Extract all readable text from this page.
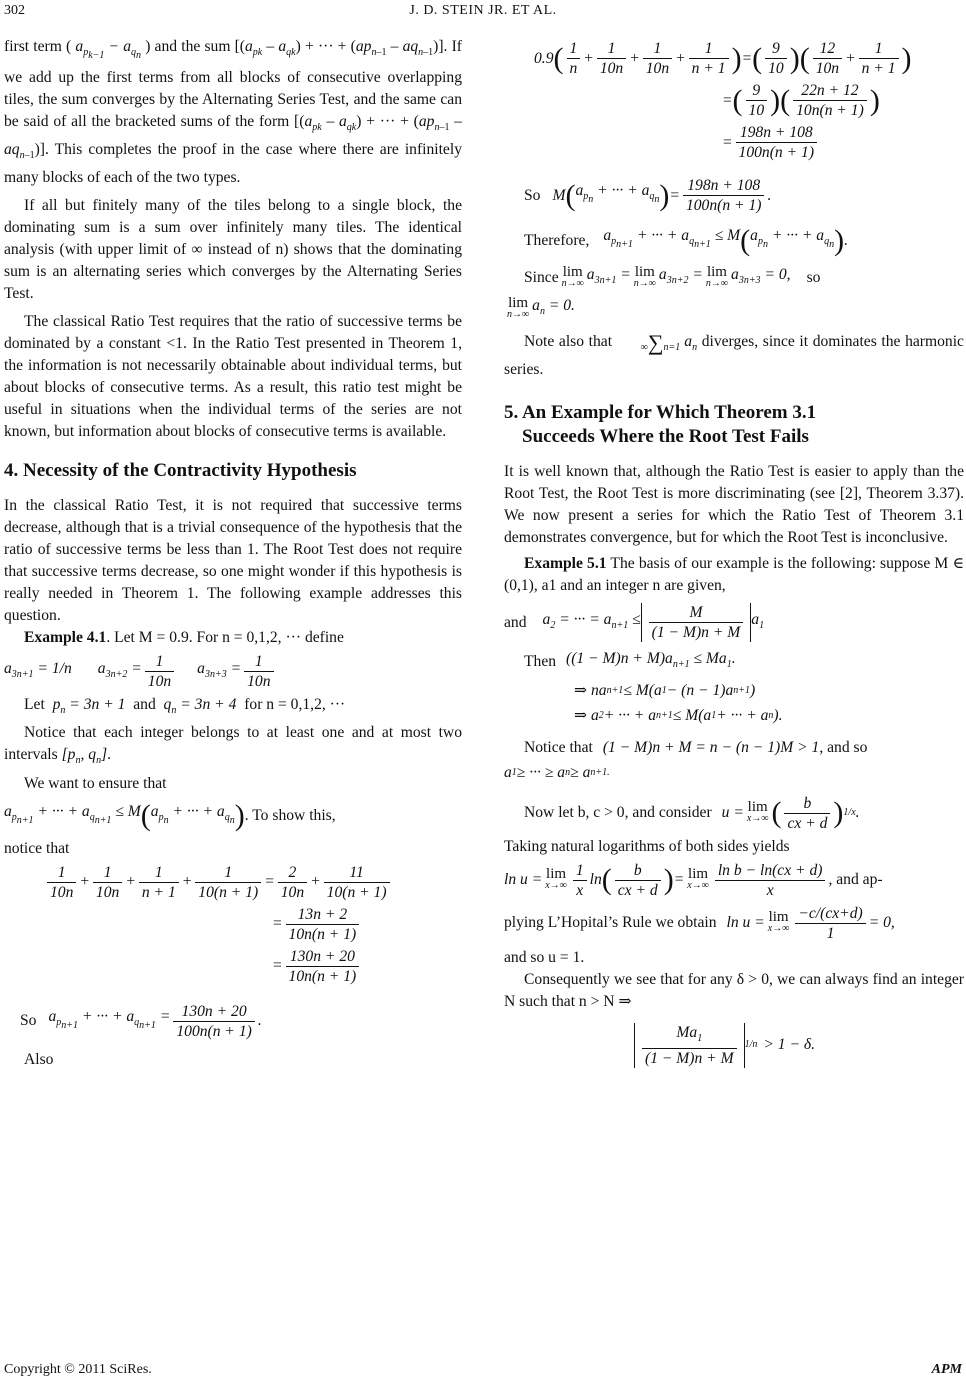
302	J. D. STEIN JR. ET AL.

first term ( $a_{p_{k-1}} - a_{q_n}$ ) and the sum [$(a_{pk} - a_{qk})$ + ··· + $(ap_{n-1} - aq_{n-1})$]. If we add up the first terms from all blocks of consecutive overlapping tiles, the sum converges by the Alternating Series Test, and the same can be said of all the bracketed sums of the form [$(a_{pk} - a_{qk})$ + ··· + $(ap_{n-1} - aq_{n-1})$]. This completes the proof in the case where there are infinitely many blocks of each of the two types.

If all but finitely many of the tiles belong to a single block, the dominating sum is a sum over infinitely many tiles. The identical analysis (with upper limit of ∞ instead of n) shows that the dominating sum is an alternating series which converges by the Alternating Series Test.

The classical Ratio Test requires that the ratio of successive terms be dominated by a constant <1. In the Ratio Test presented in Theorem 1, the information is not necessarily obtainable about individual terms, but about blocks of consecutive terms. As a result, this ratio test might be useful in situations when the individual terms of the series are not known, but information about blocks of consecutive terms is available.

4. Necessity of the Contractivity Hypothesis

In the classical Ratio Test, it is not required that successive terms decrease, although that is a trivial consequence of the hypothesis that the ratio of successive terms be less than 1. The Root Test does not require that successive terms decrease, so one might wonder if this hypothesis is really needed in Theorem 1. The following example addresses this question.

Example 4.1. Let M = 0.9. For n = 0,1,2, ··· define

$a_{3n+1} = 1/n$ $a_{3n+2} = \frac{1}{10n} a_{3n+3} = \frac{1}{10n}$

Let  $p_n = 3n + 1$  and  $q_n = 3n + 4$  for n = 0,1,2, ···

Notice that each integer belongs to at least one and at most two intervals [$p_n$, $q_n$].

We want to ensure that

$a_{p_{n+1}}$ + ··· + $a_{q_{n+1}} \le M$ ( $a_{p_n}$ + ··· + $a_{q_n}$ ) . To show this,

notice that

1
10n
+
1
10n
+
1
n + 1
+
1
10(n + 1)
=
2
10n
+
11
10(n + 1)
=
13n + 2
10n(n + 1)
=
130n + 20
10n(n + 1)
So $a_{p_{n+1}}$ + ··· + $a_{q_{n+1}} = \frac{130n + 20}{100n(n + 1)}$ .

Also

0.9 ( 1
n
+
1
10n
+
1
10n
+
1
n + 1 ) = ( 9
10 )( 12
10n
+
1
n + 1 )
= ( 9
10 )( 22n + 12
10n(n + 1) )
=
198n + 108
100n(n + 1)
So M ( $a_{p_n}$ + ··· + $a_{q_n}$ ) =
198n + 108
100n(n + 1)
.
Therefore, $a_{p_{n+1}}$ + ··· + $a_{q_{n+1}} \le M$ ( $a_{p_n}$ + ··· + $a_{q_n}$ ) .
Since lim
n→∞
$a_{3n+1} = \lim$
n→∞
$a_{3n+2} = \lim$
n→∞
$a_{3n+3} = 0$, so
lim
n→∞
$a_n = 0$.

Note also that	∞∑n=1 $a_n$ diverges, since it dominates the harmonic series.

5. An Example for Which Theorem 3.1
Succeeds Where the Root Test Fails

It is well known that, although the Ratio Test is easier to apply than the Root Test, the Root Test is more discriminating (see [2], Theorem 3.37). We now present a series for which the Ratio Test of Theorem 3.1 demonstrates convergence, but for which the Root Test is inconclusive.

Example 5.1 The basis of our example is the following: suppose M ∈ (0,1), a1 and an integer n are given,

and $a_2$ = ··· = $a_{n+1} \le \frac{M}{(1 - M)n + M} a_1$
Then $((1 - M)n + M)a_{n+1} \le Ma_1$.
⇒ na n+1 ≤ M(a 1 − (n − 1)a n+1 )
⇒ a 2 + ··· + a n+1 ≤ M(a 1 + ··· + a n ).
Notice that (1 − M)n + M = n − (n − 1)M > 1 , and so
a 1 ≥ ··· ≥ a n ≥ a n+1.
Now let b, c > 0, and consider u = lim
x→∞ (	b
cx + d ) 1/x .

Taking natural logarithms of both sides yields

ln u = lim
x→∞
1
x
ln (	b
cx + d ) = lim
x→∞
ln b − ln(cx + d)
x
, and ap-
plying L’Hopital’s Rule we obtain ln u = lim
$x\to\infty \frac{-c/(cx+d)}{1} = 0$,

and so u = 1.

Consequently we see that for any δ > 0, we can always find an integer N such that n > N ⇒

$\frac{Ma_1}{(1 - M)n + M} 1/n > 1 - \delta$.
Copyright © 2011 SciRes.	APM
